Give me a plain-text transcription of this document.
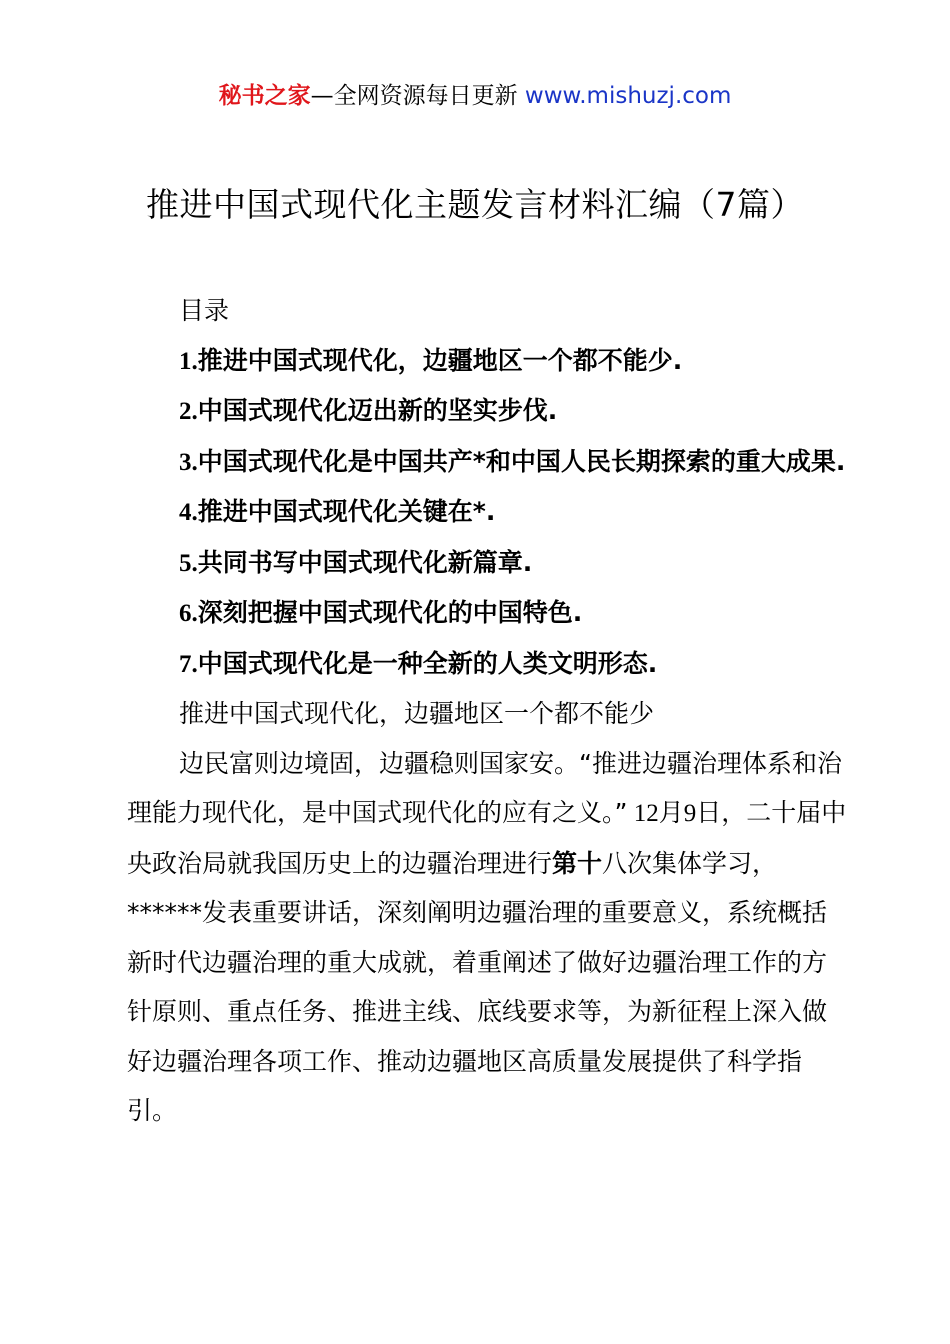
秘书之家—全网资源每日更新 www.mishuzj.com
推进中国式现代化主题发言材料汇编（7篇）

目录

1.推进中国式现代化，边疆地区一个都不能少.

2.中国式现代化迈出新的坚实步伐.

3.中国式现代化是中国共产*和中国人民长期探索的重大成果.

4.推进中国式现代化关键在*.

5.共同书写中国式现代化新篇章.

6.深刻把握中国式现代化的中国特色.

7.中国式现代化是一种全新的人类文明形态.

推进中国式现代化，边疆地区一个都不能少

边民富则边境固，边疆稳则国家安。“推进边疆治理体系和治理能力现代化，是中国式现代化的应有之义。” 12月9日，二十届中央政治局就我国历史上的边疆治理进行第十八次集体学习，******发表重要讲话，深刻阐明边疆治理的重要意义，系统概括新时代边疆治理的重大成就，着重阐述了做好边疆治理工作的方针原则、重点任务、推进主线、底线要求等，为新征程上深入做好边疆治理各项工作、推动边疆地区高质量发展提供了科学指引。
